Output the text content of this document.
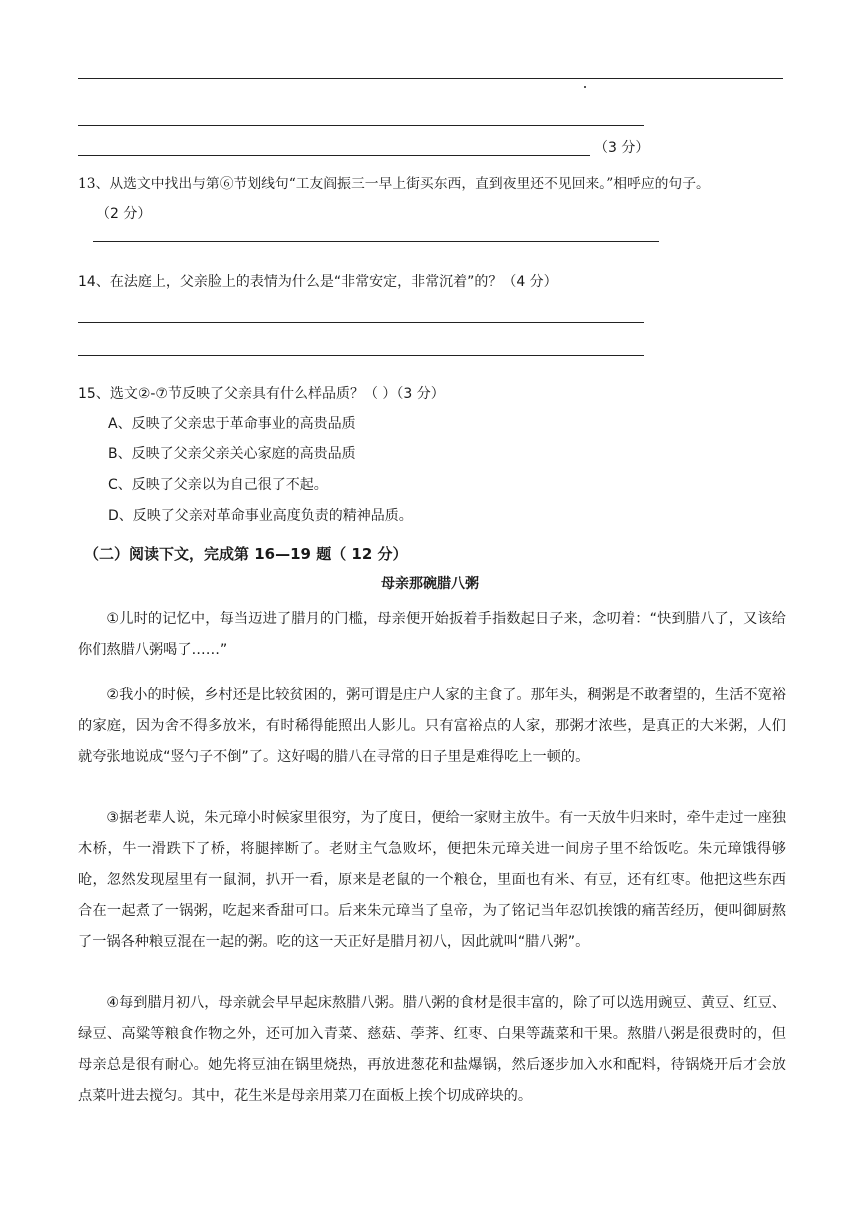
（3 分）
13、从选文中找出与第⑥节划线句“工友阎振三一早上街买东西，直到夜里还不见回来。”相呼应的句子。
（2 分）
14、在法庭上，父亲脸上的表情为什么是“非常安定，非常沉着”的？（4 分）
15、选文②-⑦节反映了父亲具有什么样品质？（ ）（3 分）
A、反映了父亲忠于革命事业的高贵品质
B、反映了父亲父亲关心家庭的高贵品质
C、反映了父亲以为自己很了不起。
D、反映了父亲对革命事业高度负责的精神品质。
（二）阅读下文，完成第 16—19 题（ 12 分）
母亲那碗腊八粥
①儿时的记忆中，每当迈进了腊月的门槛，母亲便开始扳着手指数起日子来，念叨着：“快到腊八了，又该给你们熬腊八粥喝了……”
②我小的时候，乡村还是比较贫困的，粥可谓是庄户人家的主食了。那年头，稠粥是不敢奢望的，生活不宽裕的家庭，因为舍不得多放米，有时稀得能照出人影儿。只有富裕点的人家，那粥才浓些，是真正的大米粥，人们就夸张地说成“竖勺子不倒”了。这好喝的腊八在寻常的日子里是难得吃上一顿的。
③据老辈人说，朱元璋小时候家里很穷，为了度日，便给一家财主放牛。有一天放牛归来时，牵牛走过一座独木桥，牛一滑跌下了桥，将腿摔断了。老财主气急败坏，便把朱元璋关进一间房子里不给饭吃。朱元璋饿得够呛，忽然发现屋里有一鼠洞，扒开一看，原来是老鼠的一个粮仓，里面也有米、有豆，还有红枣。他把这些东西合在一起煮了一锅粥，吃起来香甜可口。后来朱元璋当了皇帝，为了铭记当年忍饥挨饿的痛苦经历，便叫御厨熬了一锅各种粮豆混在一起的粥。吃的这一天正好是腊月初八，因此就叫“腊八粥”。
④每到腊月初八，母亲就会早早起床熬腊八粥。腊八粥的食材是很丰富的，除了可以选用豌豆、黄豆、红豆、绿豆、高粱等粮食作物之外，还可加入青菜、慈菇、荸荠、红枣、白果等蔬菜和干果。熬腊八粥是很费时的，但母亲总是很有耐心。她先将豆油在锅里烧热，再放进葱花和盐爆锅，然后逐步加入水和配料，待锅烧开后才会放点菜叶进去搅匀。其中，花生米是母亲用菜刀在面板上挨个切成碎块的。
